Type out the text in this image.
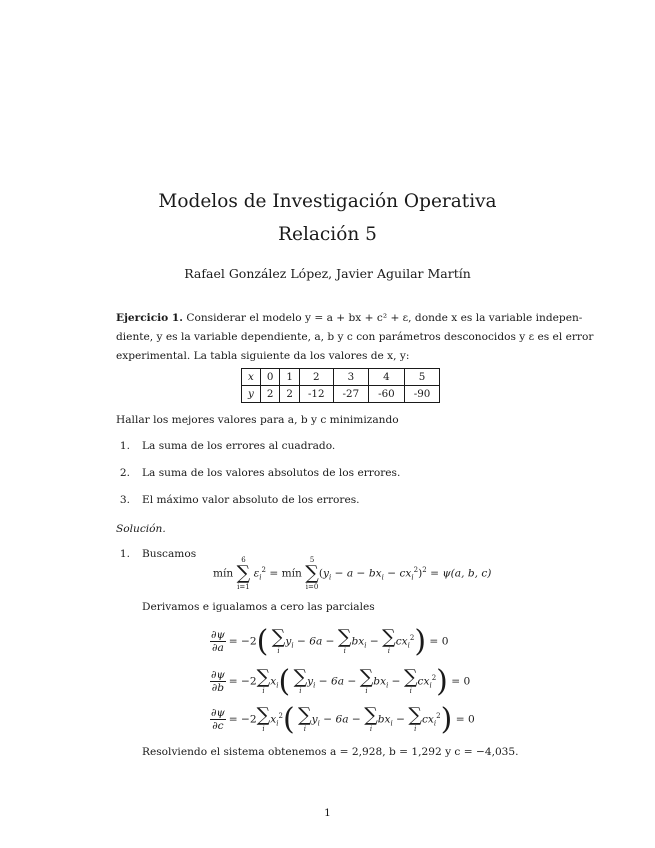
Modelos de Investigación Operativa
Relación 5
Rafael González López, Javier Aguilar Martín
Ejercicio 1. Considerar el modelo y = a + bx + c² + ε, donde x es la variable indepen-
diente, y es la variable dependiente, a, b y c con parámetros desconocidos y ε es el error
experimental. La tabla siguiente da los valores de x, y:
x	0	1	2	3	4	5
y	2	2	-12	-27	-60	-90
Hallar los mejores valores para a, b y c minimizando
1. La suma de los errores al cuadrado.
2. La suma de los valores absolutos de los errores.
3. El máximo valor absoluto de los errores.
Solución.
1. Buscamos
mín
6
∑
i=1
$\varepsilon_i^2$ = mín
5
∑
i=0
$(y_i - a - bx_i - cx_i^2)^2 = \psi(a$, b, c)
Derivamos e igualamos a cero las parciales
$\frac{\partial\psi}{\partial a} = -2$( ∑
i
$y_i - 6a$ − ∑
i
$bx_i$ − ∑
i
$cx_i^2) = 0$
$\frac{\partial\psi}{\partial b} = -2$ ∑
i
$x_i$( ∑
i
$y_i - 6a$ − ∑
i
$bx_i$ − ∑
i
$cx_i^2) = 0$
$\frac{\partial\psi}{\partial c} = -2$ ∑
i
$x_i^2$( ∑
i
$y_i - 6a$ − ∑
i
$bx_i$ − ∑
i
$cx_i^2) = 0$
Resolviendo el sistema obtenemos a = 2,928, b = 1,292 y c = −4,035.
1
